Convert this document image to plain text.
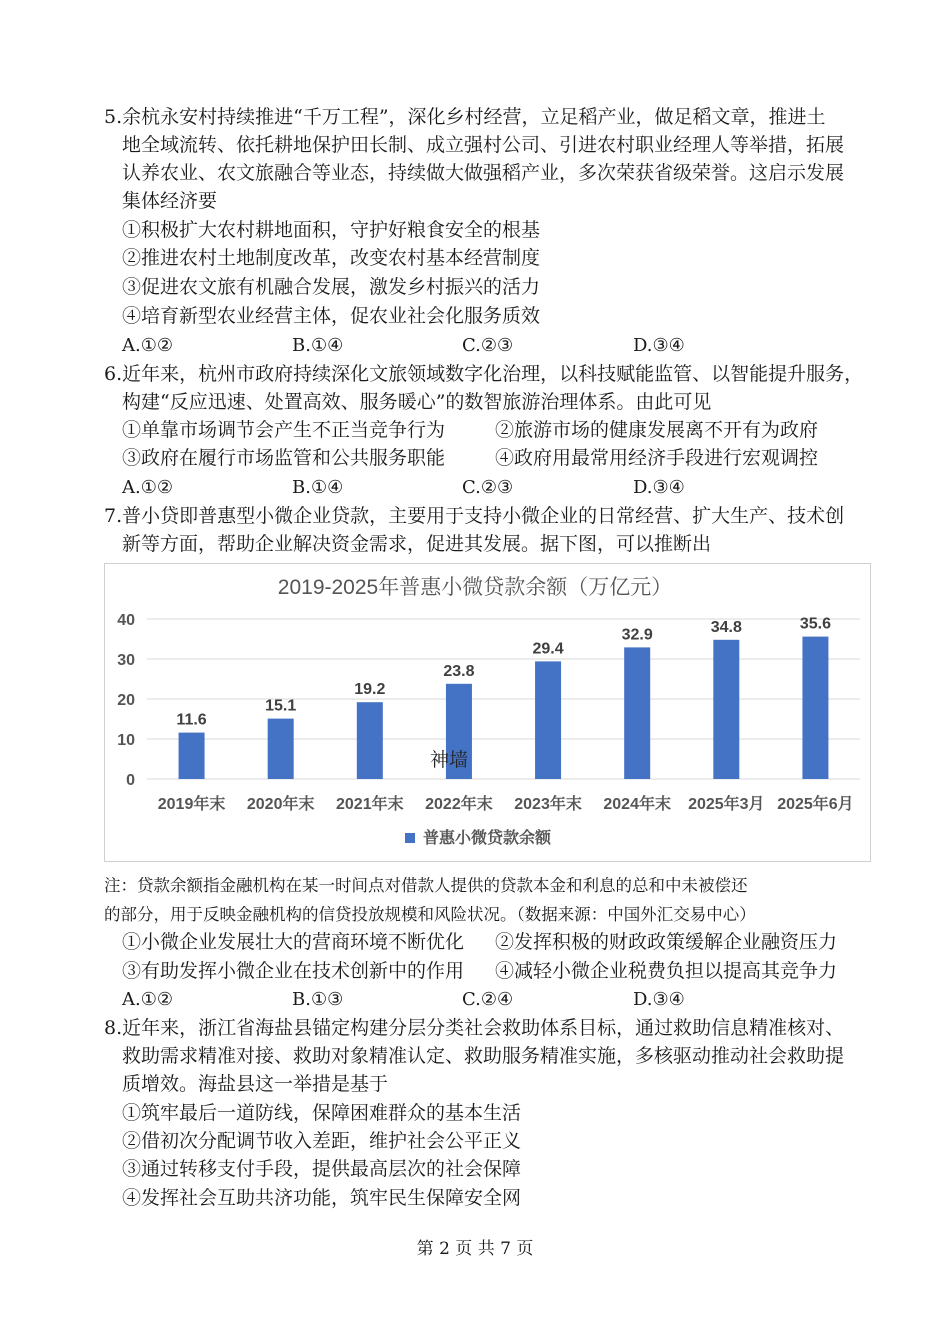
5.余杭永安村持续推进“千万工程”，深化乡村经营，立足稻产业，做足稻文章，推进土
地全域流转、依托耕地保护田长制、成立强村公司、引进农村职业经理人等举措，拓展
认养农业、农文旅融合等业态，持续做大做强稻产业，多次荣获省级荣誉。这启示发展
集体经济要
①积极扩大农村耕地面积，守护好粮食安全的根基
②推进农村土地制度改革，改变农村基本经营制度
③促进农文旅有机融合发展，激发乡村振兴的活力
④培育新型农业经营主体，促农业社会化服务质效
A.①②	B.①④	C.②③	D.③④
6.近年来，杭州市政府持续深化文旅领域数字化治理，以科技赋能监管、以智能提升服务，
构建“反应迅速、处置高效、服务暖心”的数智旅游治理体系。由此可见
①单靠市场调节会产生不正当竞争行为	②旅游市场的健康发展离不开有为政府
③政府在履行市场监管和公共服务职能	④政府用最常用经济手段进行宏观调控
A.①②	B.①④	C.②③	D.③④
7.普小贷即普惠型小微企业贷款，主要用于支持小微企业的日常经营、扩大生产、技术创
新等方面，帮助企业解决资金需求，促进其发展。据下图，可以推断出
2019-2025年普惠小微贷款余额（万亿元）
0
10
20
30
40
11.6
15.1
19.2
23.8
29.4
32.9	34.8	35.6
2019年末 2020年末 2021年末 2022年末 2023年末 2024年末 2025年3月 2025年6月
普惠小微贷款余额
神墙
注：贷款余额指金融机构在某一时间点对借款人提供的贷款本金和利息的总和中未被偿还
的部分，用于反映金融机构的信贷投放规模和风险状况。（数据来源：中国外汇交易中心）
①小微企业发展壮大的营商环境不断优化 ②发挥积极的财政政策缓解企业融资压力
③有助发挥小微企业在技术创新中的作用 ④减轻小微企业税费负担以提高其竞争力
A.①②	B.①③	C.②④	D.③④
8.近年来，浙江省海盐县锚定构建分层分类社会救助体系目标，通过救助信息精准核对、
救助需求精准对接、救助对象精准认定、救助服务精准实施，多核驱动推动社会救助提
质增效。海盐县这一举措是基于
①筑牢最后一道防线，保障困难群众的基本生活
②借初次分配调节收入差距，维护社会公平正义
③通过转移支付手段，提供最高层次的社会保障
④发挥社会互助共济功能，筑牢民生保障安全网
第 2 页 共 7 页
